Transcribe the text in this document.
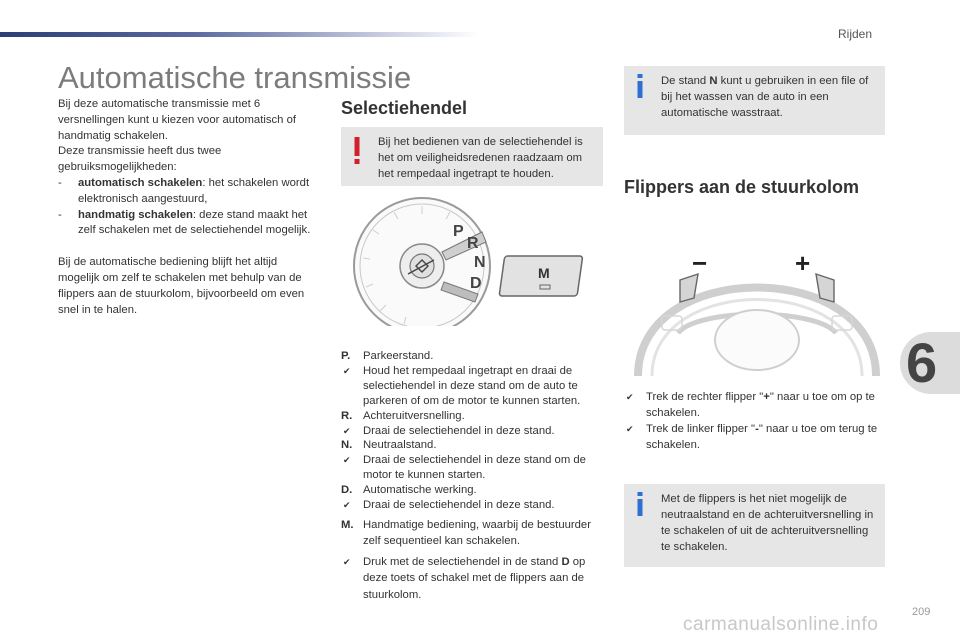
Rijden
6
Automatische transmissie

Bij deze automatische transmissie met 6 versnellingen kunt u kiezen voor automatisch of handmatig schakelen.

Deze transmissie heeft dus twee gebruiksmogelijkheden:

- automatisch schakelen: het schakelen wordt elektronisch aangestuurd,
- handmatig schakelen: deze stand maakt het zelf schakelen met de selectiehendel mogelijk.

Bij de automatische bediening blijft het altijd mogelijk om zelf te schakelen met behulp van de flippers aan de stuurkolom, bijvoorbeeld om even snel in te halen.

Selectiehendel
Bij het bedienen van de selectiehendel is het om veiligheidsredenen raadzaam om het rempedaal ingetrapt te houden.
P
R
N
D
M
P. Parkeerstand.
✔ Houd het rempedaal ingetrapt en draai de selectiehendel in deze stand om de auto te parkeren of om de motor te kunnen starten.
R. Achteruitversnelling.
✔ Draai de selectiehendel in deze stand.
N. Neutraalstand.
✔ Draai de selectiehendel in deze stand om de motor te kunnen starten.
D. Automatische werking.
✔ Draai de selectiehendel in deze stand.
M. Handmatige bediening, waarbij de bestuurder zelf sequentieel kan schakelen.
✔ Druk met de selectiehendel in de stand D op deze toets of schakel met de flippers aan de stuurkolom.
De stand N kunt u gebruiken in een file of bij het wassen van de auto in een automatische wasstraat.
Flippers aan de stuurkolom
−	+
✔ Trek de rechter flipper "+" naar u toe om op te schakelen.
✔ Trek de linker flipper "-" naar u toe om terug te schakelen.
Met de flippers is het niet mogelijk de neutraalstand en de achteruitversnelling in te schakelen of uit de achteruitversnelling te schakelen.
carmanualsonline.info
209
